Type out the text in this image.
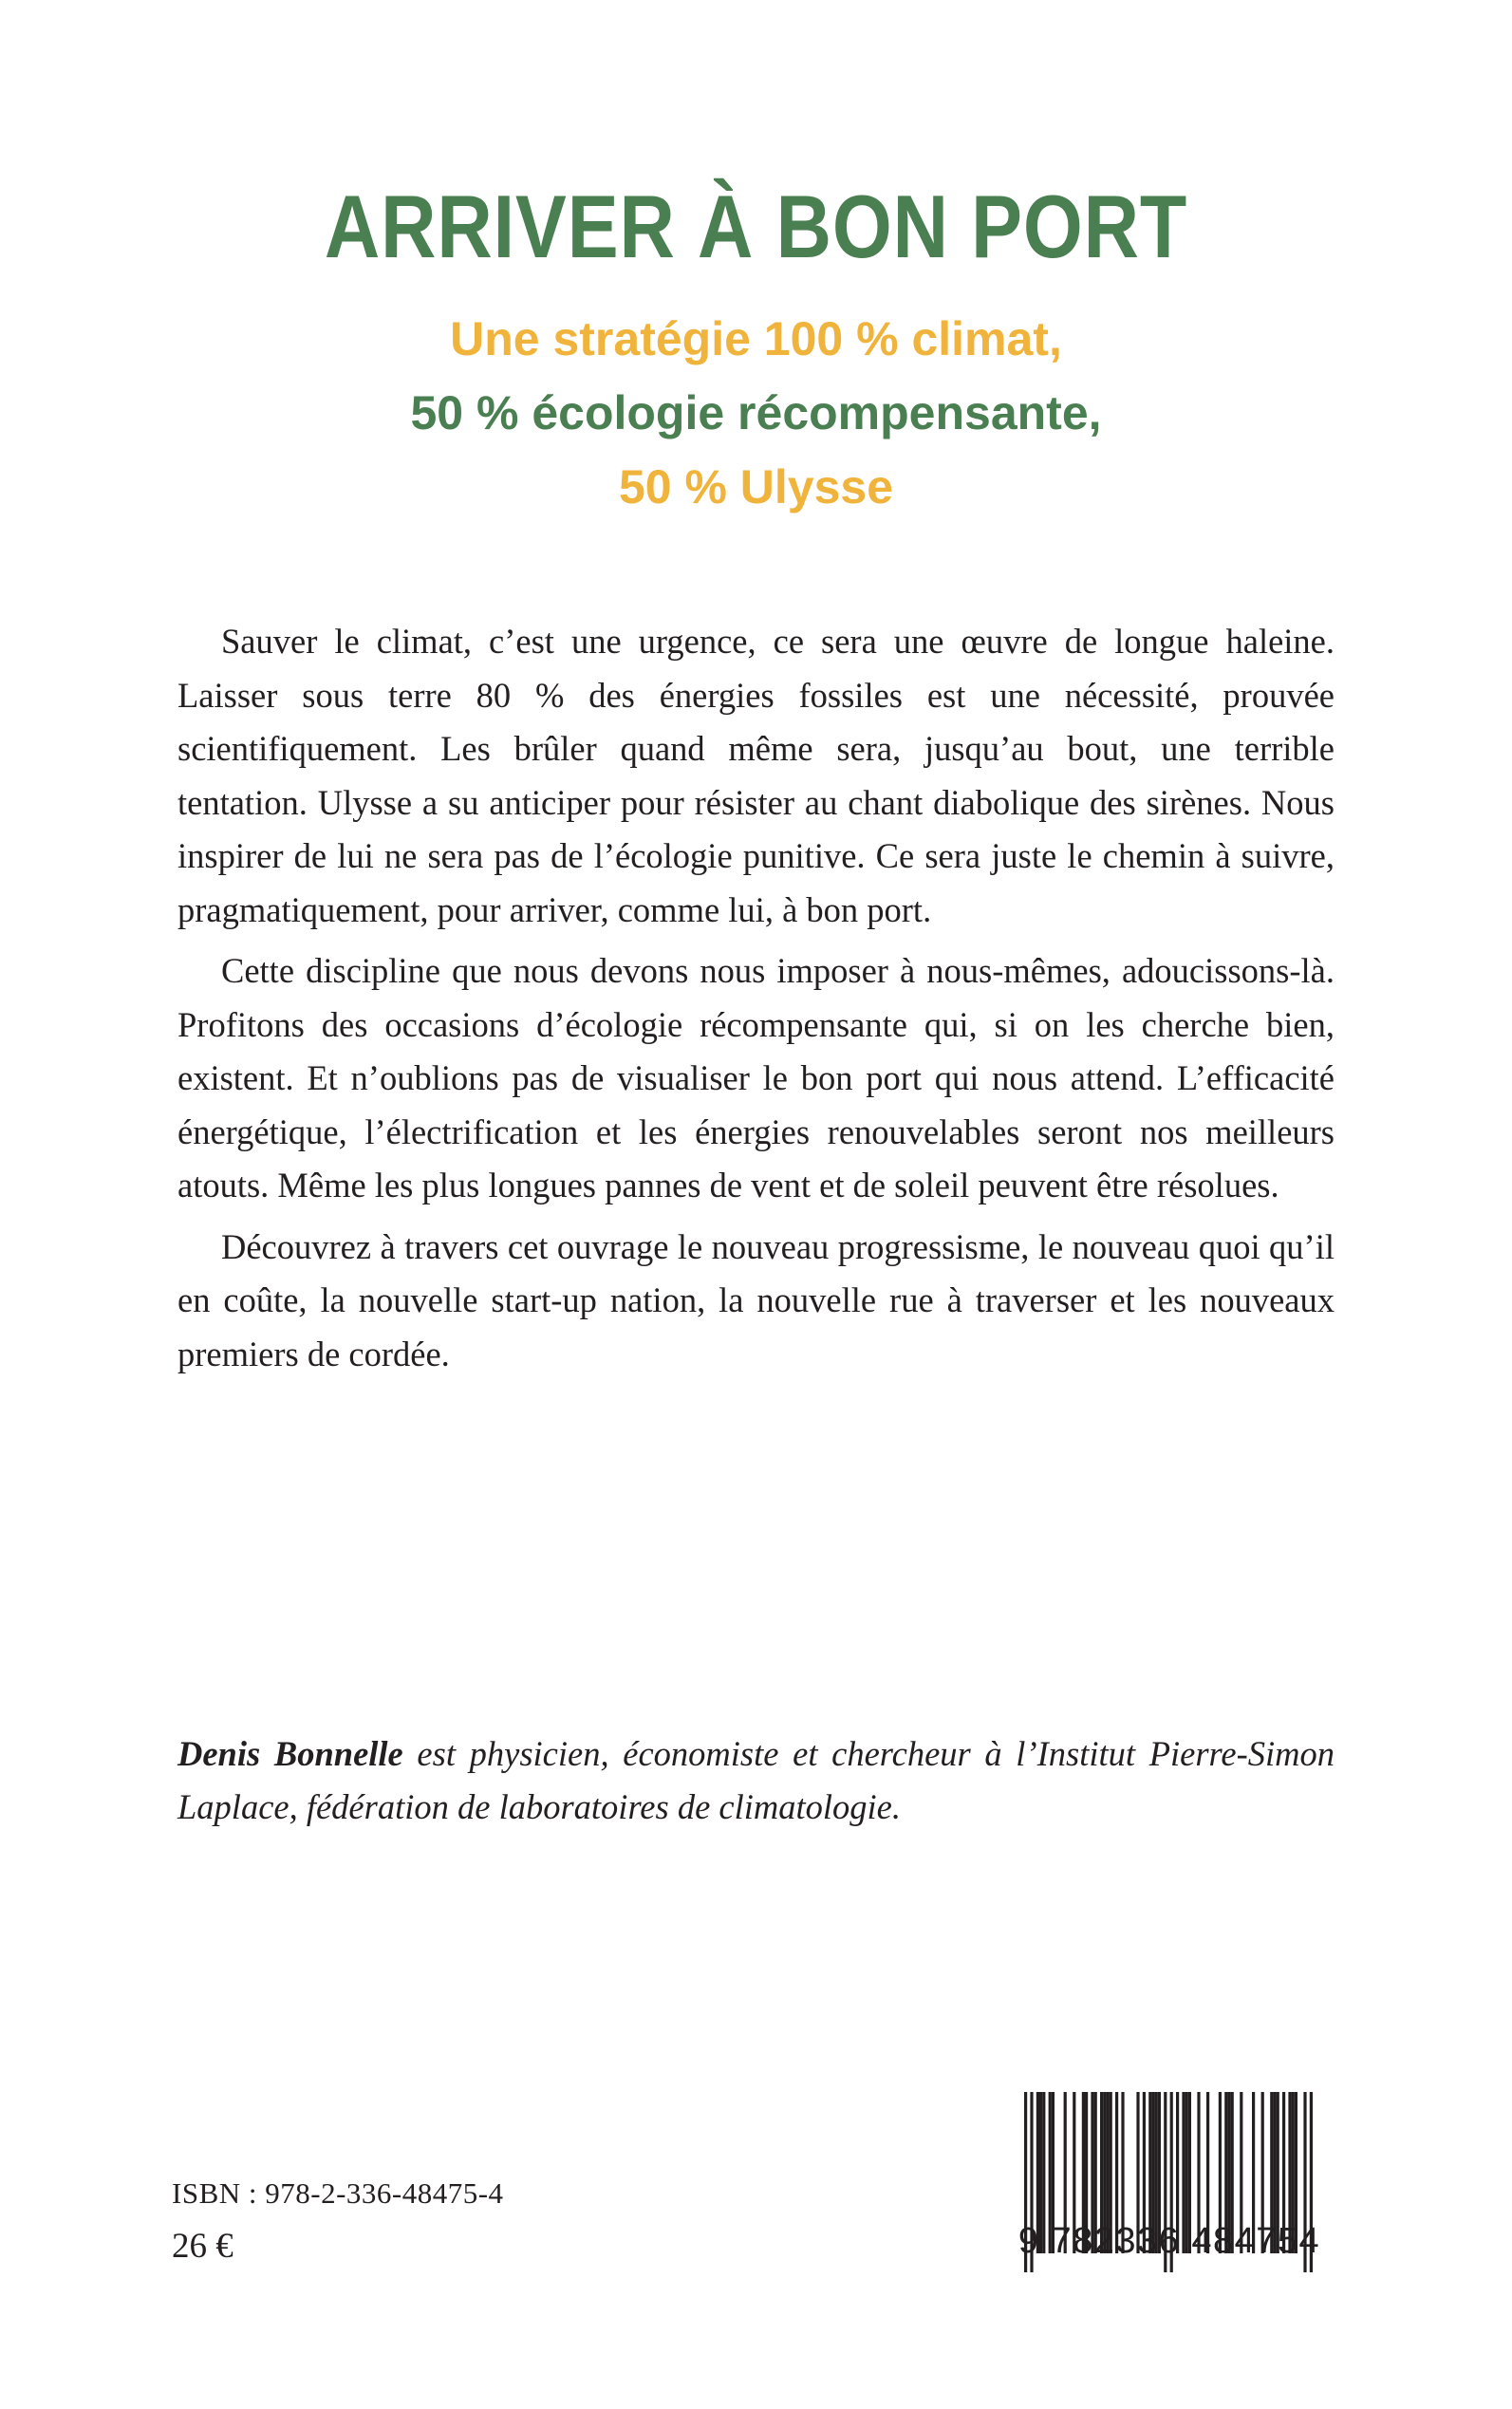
ARRIVER À BON PORT
Une stratégie 100 % climat,
50 % écologie récompensante,
50 % Ulysse

Sauver le climat, c’est une urgence, ce sera une œuvre de longue haleine. Laisser sous terre 80 % des énergies fossiles est une nécessité, prouvée scientifiquement. Les brûler quand même sera, jusqu’au bout, une terrible tentation. Ulysse a su anticiper pour résister au chant diabolique des sirènes. Nous inspirer de lui ne sera pas de l’écologie punitive. Ce sera juste le chemin à suivre, pragmatiquement, pour arriver, comme lui, à bon port.

Cette discipline que nous devons nous imposer à nous-mêmes, adoucissons-là. Profitons des occasions d’écologie récompensante qui, si on les cherche bien, existent. Et n’oublions pas de visualiser le bon port qui nous attend. L’efficacité énergétique, l’électrification et les énergies renouvelables seront nos meilleurs atouts. Même les plus longues pannes de vent et de soleil peuvent être résolues.

Découvrez à travers cet ouvrage le nouveau progressisme, le nouveau quoi qu’il en coûte, la nouvelle start-up nation, la nouvelle rue à traverser et les nouveaux premiers de cordée.

Denis Bonnelle est physicien, économiste et chercheur à l’Institut Pierre-Simon Laplace, fédération de laboratoires de climatologie.
ISBN : 978-2-336-48475-4
26 €	9 782336 484754
